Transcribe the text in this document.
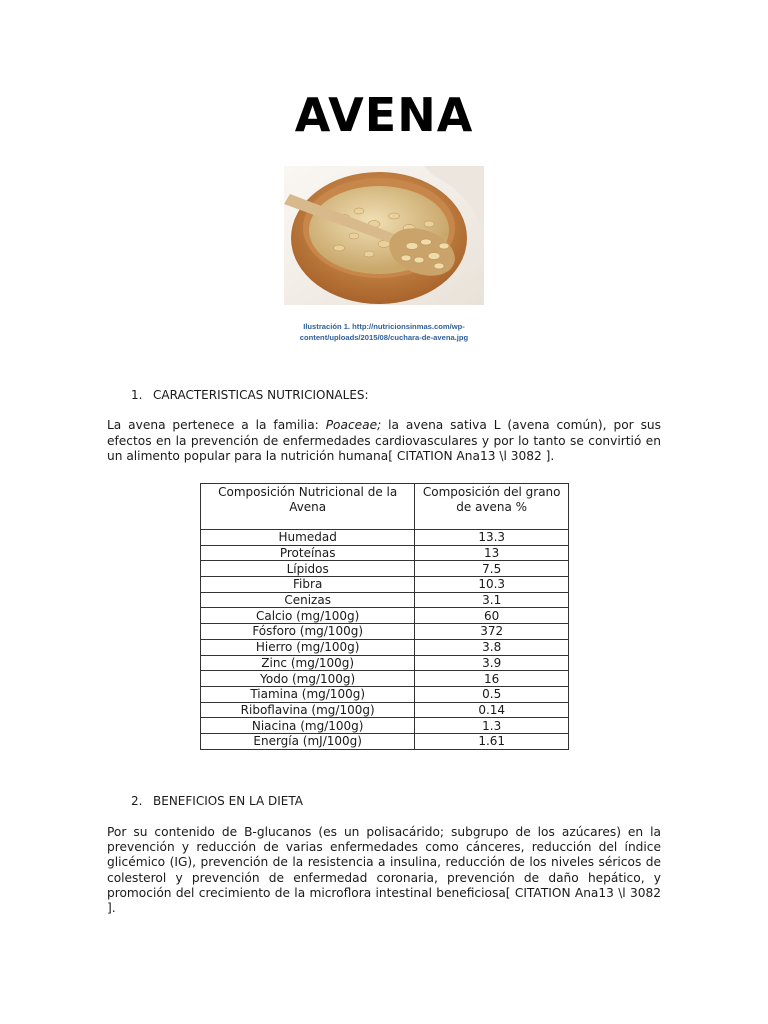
AVENA
Ilustración 1. http://nutricionsinmas.com/wp-
content/uploads/2015/08/cuchara-de-avena.jpg
1. CARACTERISTICAS NUTRICIONALES:

La avena pertenece a la familia: Poaceae; la avena sativa L (avena común), por sus efectos en la prevención de enfermedades cardiovasculares y por lo tanto se convirtió en un alimento popular para la nutrición humana[ CITATION Ana13 \l 3082 ].

Composición Nutricional de la Avena	Composición del grano de avena %
Humedad	13.3
Proteínas	13
Lípidos	7.5
Fibra	10.3
Cenizas	3.1
Calcio (mg/100g)	60
Fósforo (mg/100g)	372
Hierro (mg/100g)	3.8
Zinc (mg/100g)	3.9
Yodo (mg/100g)	16
Tiamina (mg/100g)	0.5
Riboflavina (mg/100g)	0.14
Niacina (mg/100g)	1.3
Energía (mJ/100g)	1.61
2. BENEFICIOS EN LA DIETA

Por su contenido de B-glucanos (es un polisacárido; subgrupo de los azúcares) en la prevención y reducción de varias enfermedades como cánceres, reducción del índice glicémico (IG), prevención de la resistencia a insulina, reducción de los niveles séricos de colesterol y prevención de enfermedad coronaria, prevención de daño hepático, y promoción del crecimiento de la microflora intestinal beneficiosa[ CITATION Ana13 \l 3082 ].
